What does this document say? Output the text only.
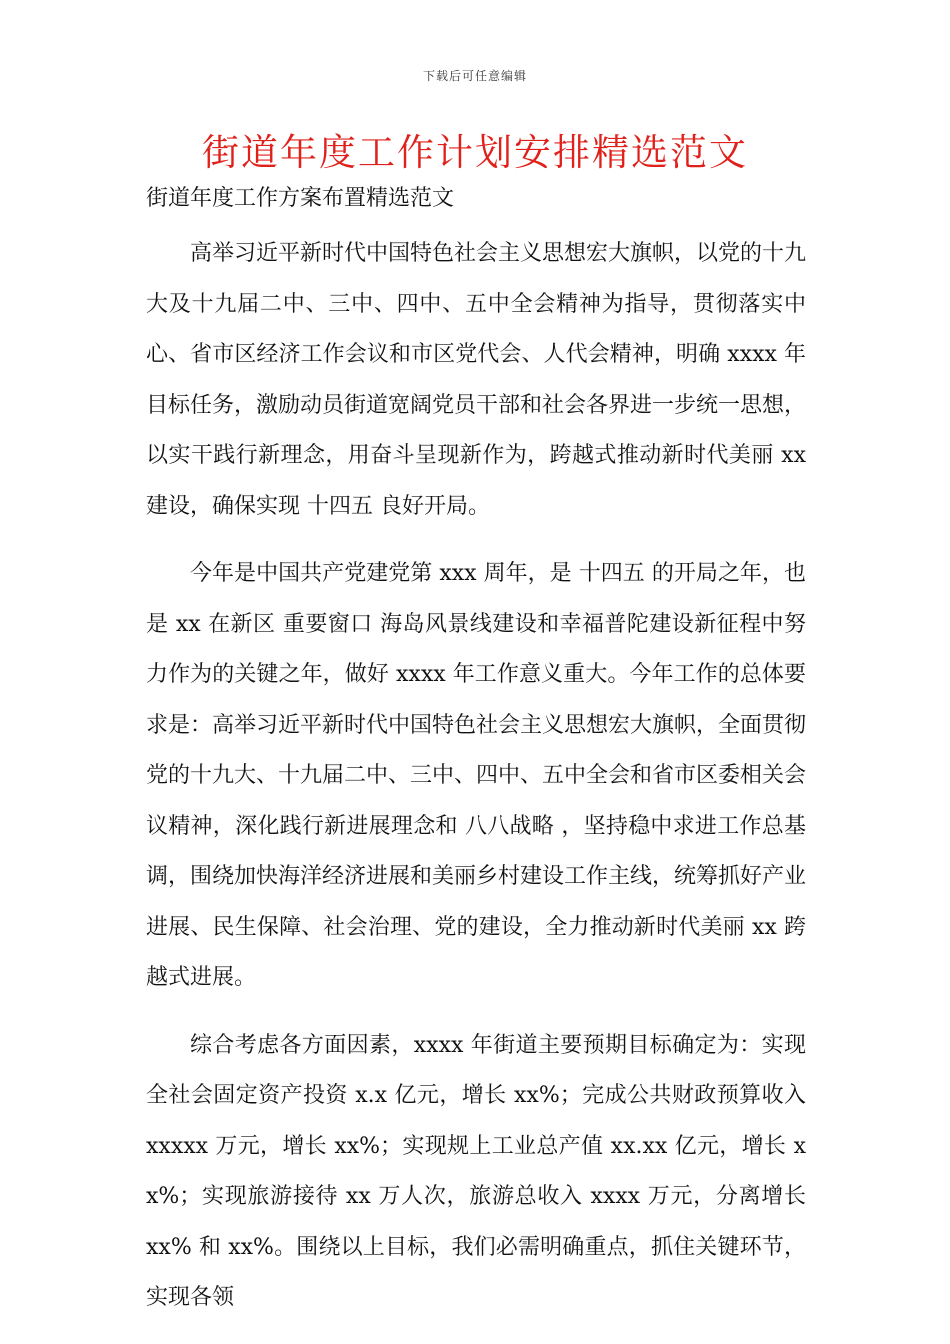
下载后可任意编辑
街道年度工作计划安排精选范文

街道年度工作方案布置精选范文

高举习近平新时代中国特色社会主义思想宏大旗帜，以党的十九大及十九届二中、三中、四中、五中全会精神为指导，贯彻落实中心、省市区经济工作会议和市区党代会、人代会精神，明确 xxxx 年目标任务，激励动员街道宽阔党员干部和社会各界进一步统一思想，以实干践行新理念，用奋斗呈现新作为，跨越式推动新时代美丽 xx 建设，确保实现 十四五 良好开局。

今年是中国共产党建党第 xxx 周年，是 十四五 的开局之年，也是 xx 在新区 重要窗口 海岛风景线建设和幸福普陀建设新征程中努力作为的关键之年，做好 xxxx 年工作意义重大。今年工作的总体要求是：高举习近平新时代中国特色社会主义思想宏大旗帜，全面贯彻党的十九大、十九届二中、三中、四中、五中全会和省市区委相关会议精神，深化践行新进展理念和 八八战略 ，坚持稳中求进工作总基调，围绕加快海洋经济进展和美丽乡村建设工作主线，统筹抓好产业进展、民生保障、社会治理、党的建设，全力推动新时代美丽 xx 跨越式进展。

综合考虑各方面因素，xxxx 年街道主要预期目标确定为：实现全社会固定资产投资 x.x 亿元，增长 xx%；完成公共财政预算收入 xxxxx 万元，增长 xx%；实现规上工业总产值 xx.xx 亿元，增长 xx%；实现旅游接待 xx 万人次，旅游总收入 xxxx 万元，分离增长 xx% 和 xx%。围绕以上目标，我们必需明确重点，抓住关键环节，实现各领
